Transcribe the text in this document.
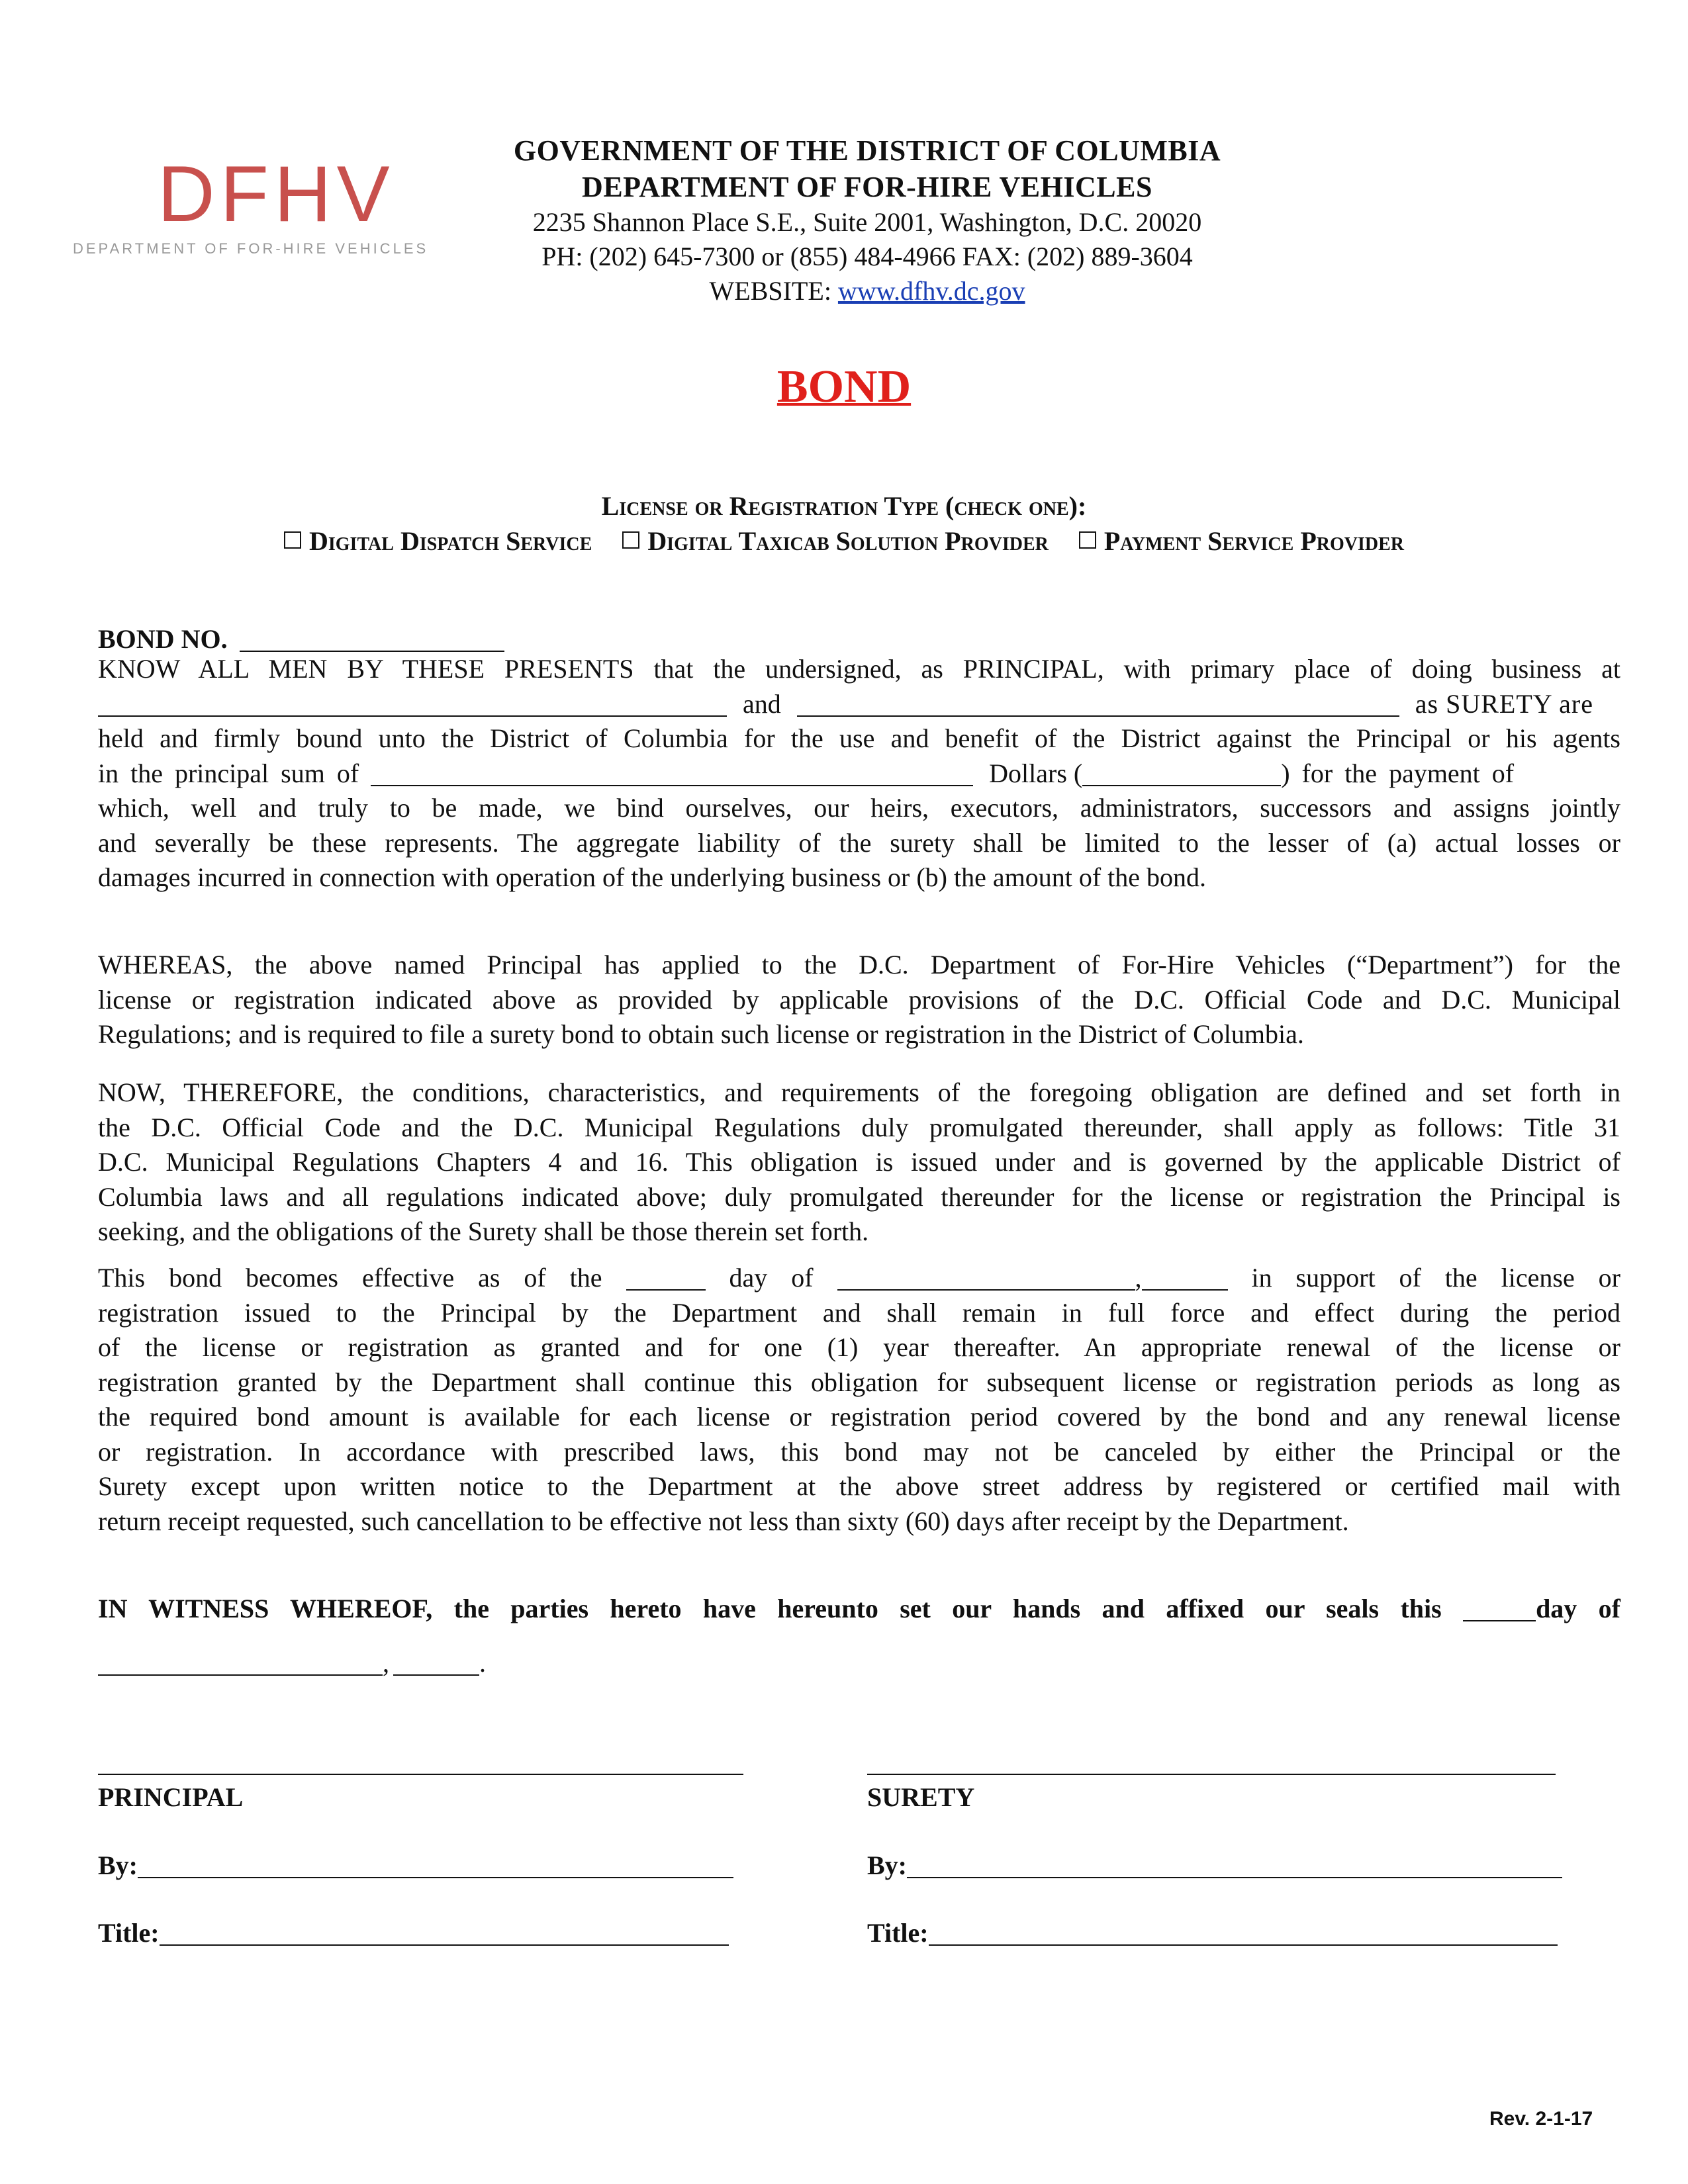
DFHV
DEPARTMENT OF FOR-HIRE VEHICLES
GOVERNMENT OF THE DISTRICT OF COLUMBIA
DEPARTMENT OF FOR-HIRE VEHICLES
2235 Shannon Place S.E., Suite 2001, Washington, D.C. 20020
PH: (202) 645-7300 or (855) 484-4966 FAX: (202) 889-3604
WEBSITE: www.dfhv.dc.gov
BOND
License or Registration Type (check one):
Digital Dispatch Service Digital Taxicab Solution Provider Payment Service Provider
BOND NO.
KNOW ALL MEN BY THESE PRESENTS that the undersigned, as PRINCIPAL, with primary place of doing business at
and	as SURETY are
held and firmly bound unto the District of Columbia for the use and benefit of the District against the Principal or his agents
in the principal sum of	Dollars (	) for the payment of
which, well and truly to be made, we bind ourselves, our heirs, executors, administrators, successors and assigns jointly
and severally be these represents. The aggregate liability of the surety shall be limited to the lesser of (a) actual losses or
damages incurred in connection with operation of the underlying business or (b) the amount of the bond.
WHEREAS, the above named Principal has applied to the D.C. Department of For-Hire Vehicles (“Department”) for the
license or registration indicated above as provided by applicable provisions of the D.C. Official Code and D.C. Municipal
Regulations; and is required to file a surety bond to obtain such license or registration in the District of Columbia.
NOW, THEREFORE, the conditions, characteristics, and requirements of the foregoing obligation are defined and set forth in
the D.C. Official Code and the D.C. Municipal Regulations duly promulgated thereunder, shall apply as follows: Title 31
D.C. Municipal Regulations Chapters 4 and 16. This obligation is issued under and is governed by the applicable District of
Columbia laws and all regulations indicated above; duly promulgated thereunder for the license or registration the Principal is
seeking, and the obligations of the Surety shall be those therein set forth.
This bond becomes effective as of the	day of	,	in support of the license or
registration issued to the Principal by the Department and shall remain in full force and effect during the period
of the license or registration as granted and for one (1) year thereafter. An appropriate renewal of the license or
registration granted by the Department shall continue this obligation for subsequent license or registration periods as long as
the required bond amount is available for each license or registration period covered by the bond and any renewal license
or registration. In accordance with prescribed laws, this bond may not be canceled by either the Principal or the
Surety except upon written notice to the Department at the above street address by registered or certified mail with
return receipt requested, such cancellation to be effective not less than sixty (60) days after receipt by the Department.
IN WITNESS WHEREOF, the parties hereto have hereunto set our hands and affixed our seals this	day of
,	.
PRINCIPAL
By:
Title:
SURETY
By:
Title:
Rev. 2-1-17
